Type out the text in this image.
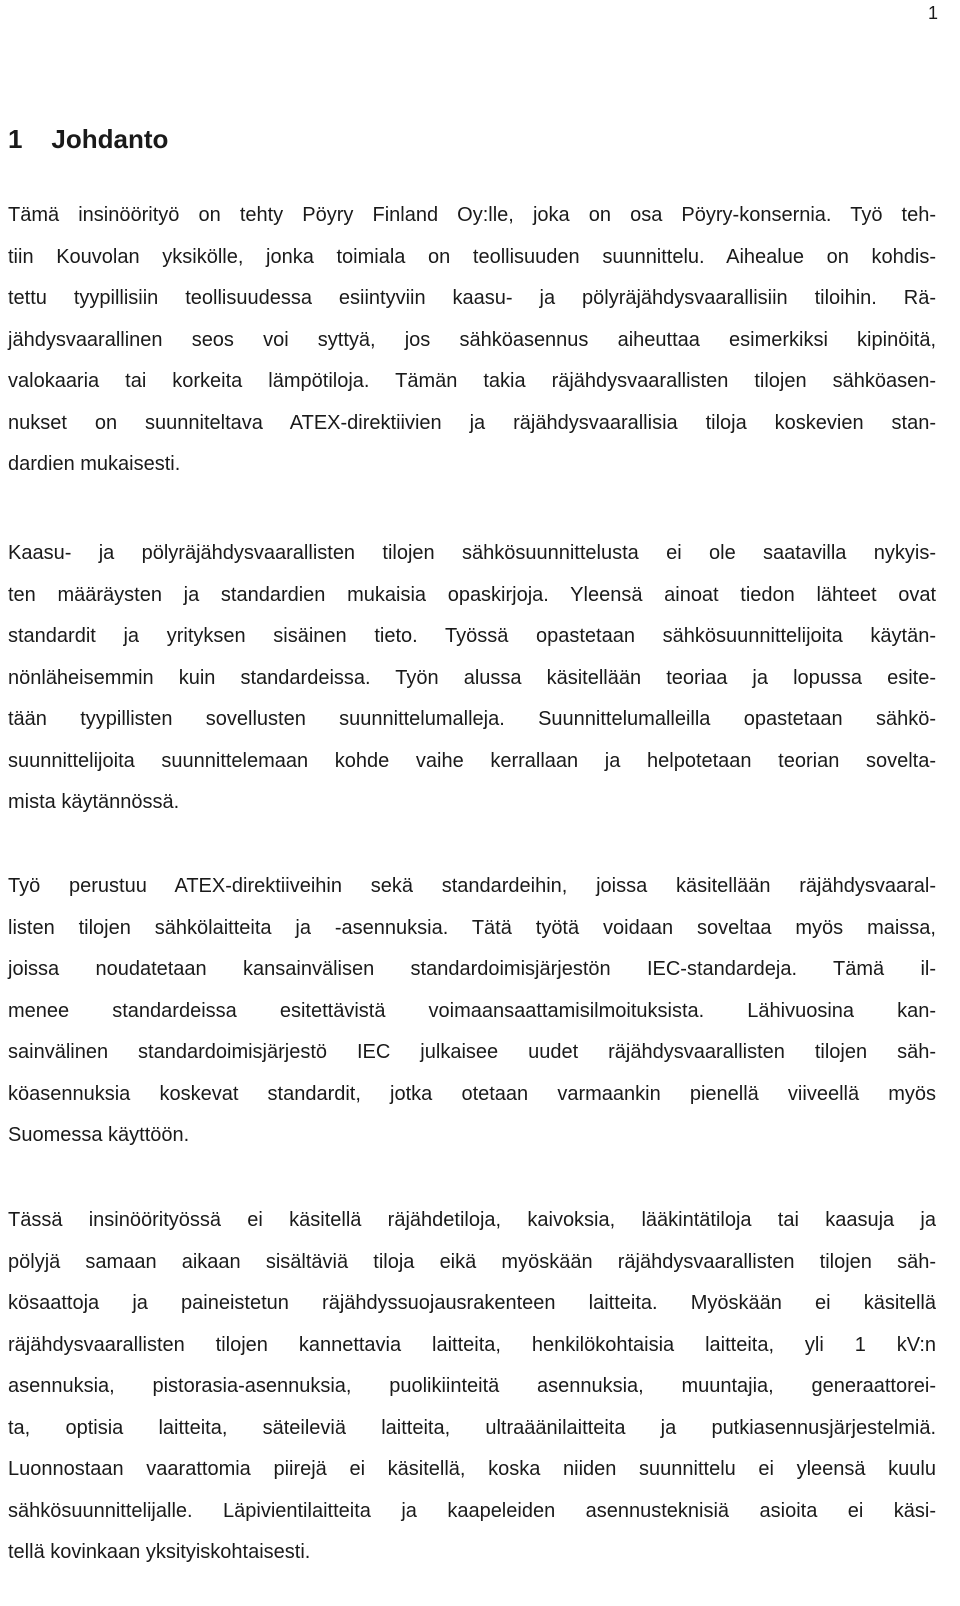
1
1 Johdanto
Tämä insinöörityö on tehty Pöyry Finland Oy:lle, joka on osa Pöyry-konsernia. Työ teh-
tiin Kouvolan yksikölle, jonka toimiala on teollisuuden suunnittelu. Aihealue on kohdis-
tettu tyypillisiin teollisuudessa esiintyviin kaasu- ja pölyräjähdysvaarallisiin tiloihin. Rä-
jähdysvaarallinen seos voi syttyä, jos sähköasennus aiheuttaa esimerkiksi kipinöitä,
valokaaria tai korkeita lämpötiloja. Tämän takia räjähdysvaarallisten tilojen sähköasen-
nukset on suunniteltava ATEX-direktiivien ja räjähdysvaarallisia tiloja koskevien stan-
dardien mukaisesti.
Kaasu- ja pölyräjähdysvaarallisten tilojen sähkösuunnittelusta ei ole saatavilla nykyis-
ten määräysten ja standardien mukaisia opaskirjoja. Yleensä ainoat tiedon lähteet ovat
standardit ja yrityksen sisäinen tieto. Työssä opastetaan sähkösuunnittelijoita käytän-
nönläheisemmin kuin standardeissa. Työn alussa käsitellään teoriaa ja lopussa esite-
tään tyypillisten sovellusten suunnittelumalleja. Suunnittelumalleilla opastetaan sähkö-
suunnittelijoita suunnittelemaan kohde vaihe kerrallaan ja helpotetaan teorian sovelta-
mista käytännössä.
Työ perustuu ATEX-direktiiveihin sekä standardeihin, joissa käsitellään räjähdysvaaral-
listen tilojen sähkölaitteita ja -asennuksia. Tätä työtä voidaan soveltaa myös maissa,
joissa noudatetaan kansainvälisen standardoimisjärjestön IEC-standardeja. Tämä il-
menee standardeissa esitettävistä voimaansaattamisilmoituksista. Lähivuosina kan-
sainvälinen standardoimisjärjestö IEC julkaisee uudet räjähdysvaarallisten tilojen säh-
köasennuksia koskevat standardit, jotka otetaan varmaankin pienellä viiveellä myös
Suomessa käyttöön.
Tässä insinöörityössä ei käsitellä räjähdetiloja, kaivoksia, lääkintätiloja tai kaasuja ja
pölyjä samaan aikaan sisältäviä tiloja eikä myöskään räjähdysvaarallisten tilojen säh-
kösaattoja ja paineistetun räjähdyssuojausrakenteen laitteita. Myöskään ei käsitellä
räjähdysvaarallisten tilojen kannettavia laitteita, henkilökohtaisia laitteita, yli 1 kV:n
asennuksia, pistorasia-asennuksia, puolikiinteitä asennuksia, muuntajia, generaattorei-
ta, optisia laitteita, säteileviä laitteita, ultraäänilaitteita ja putkiasennusjärjestelmiä.
Luonnostaan vaarattomia piirejä ei käsitellä, koska niiden suunnittelu ei yleensä kuulu
sähkösuunnittelijalle. Läpivientilaitteita ja kaapeleiden asennusteknisiä asioita ei käsi-
tellä kovinkaan yksityiskohtaisesti.
